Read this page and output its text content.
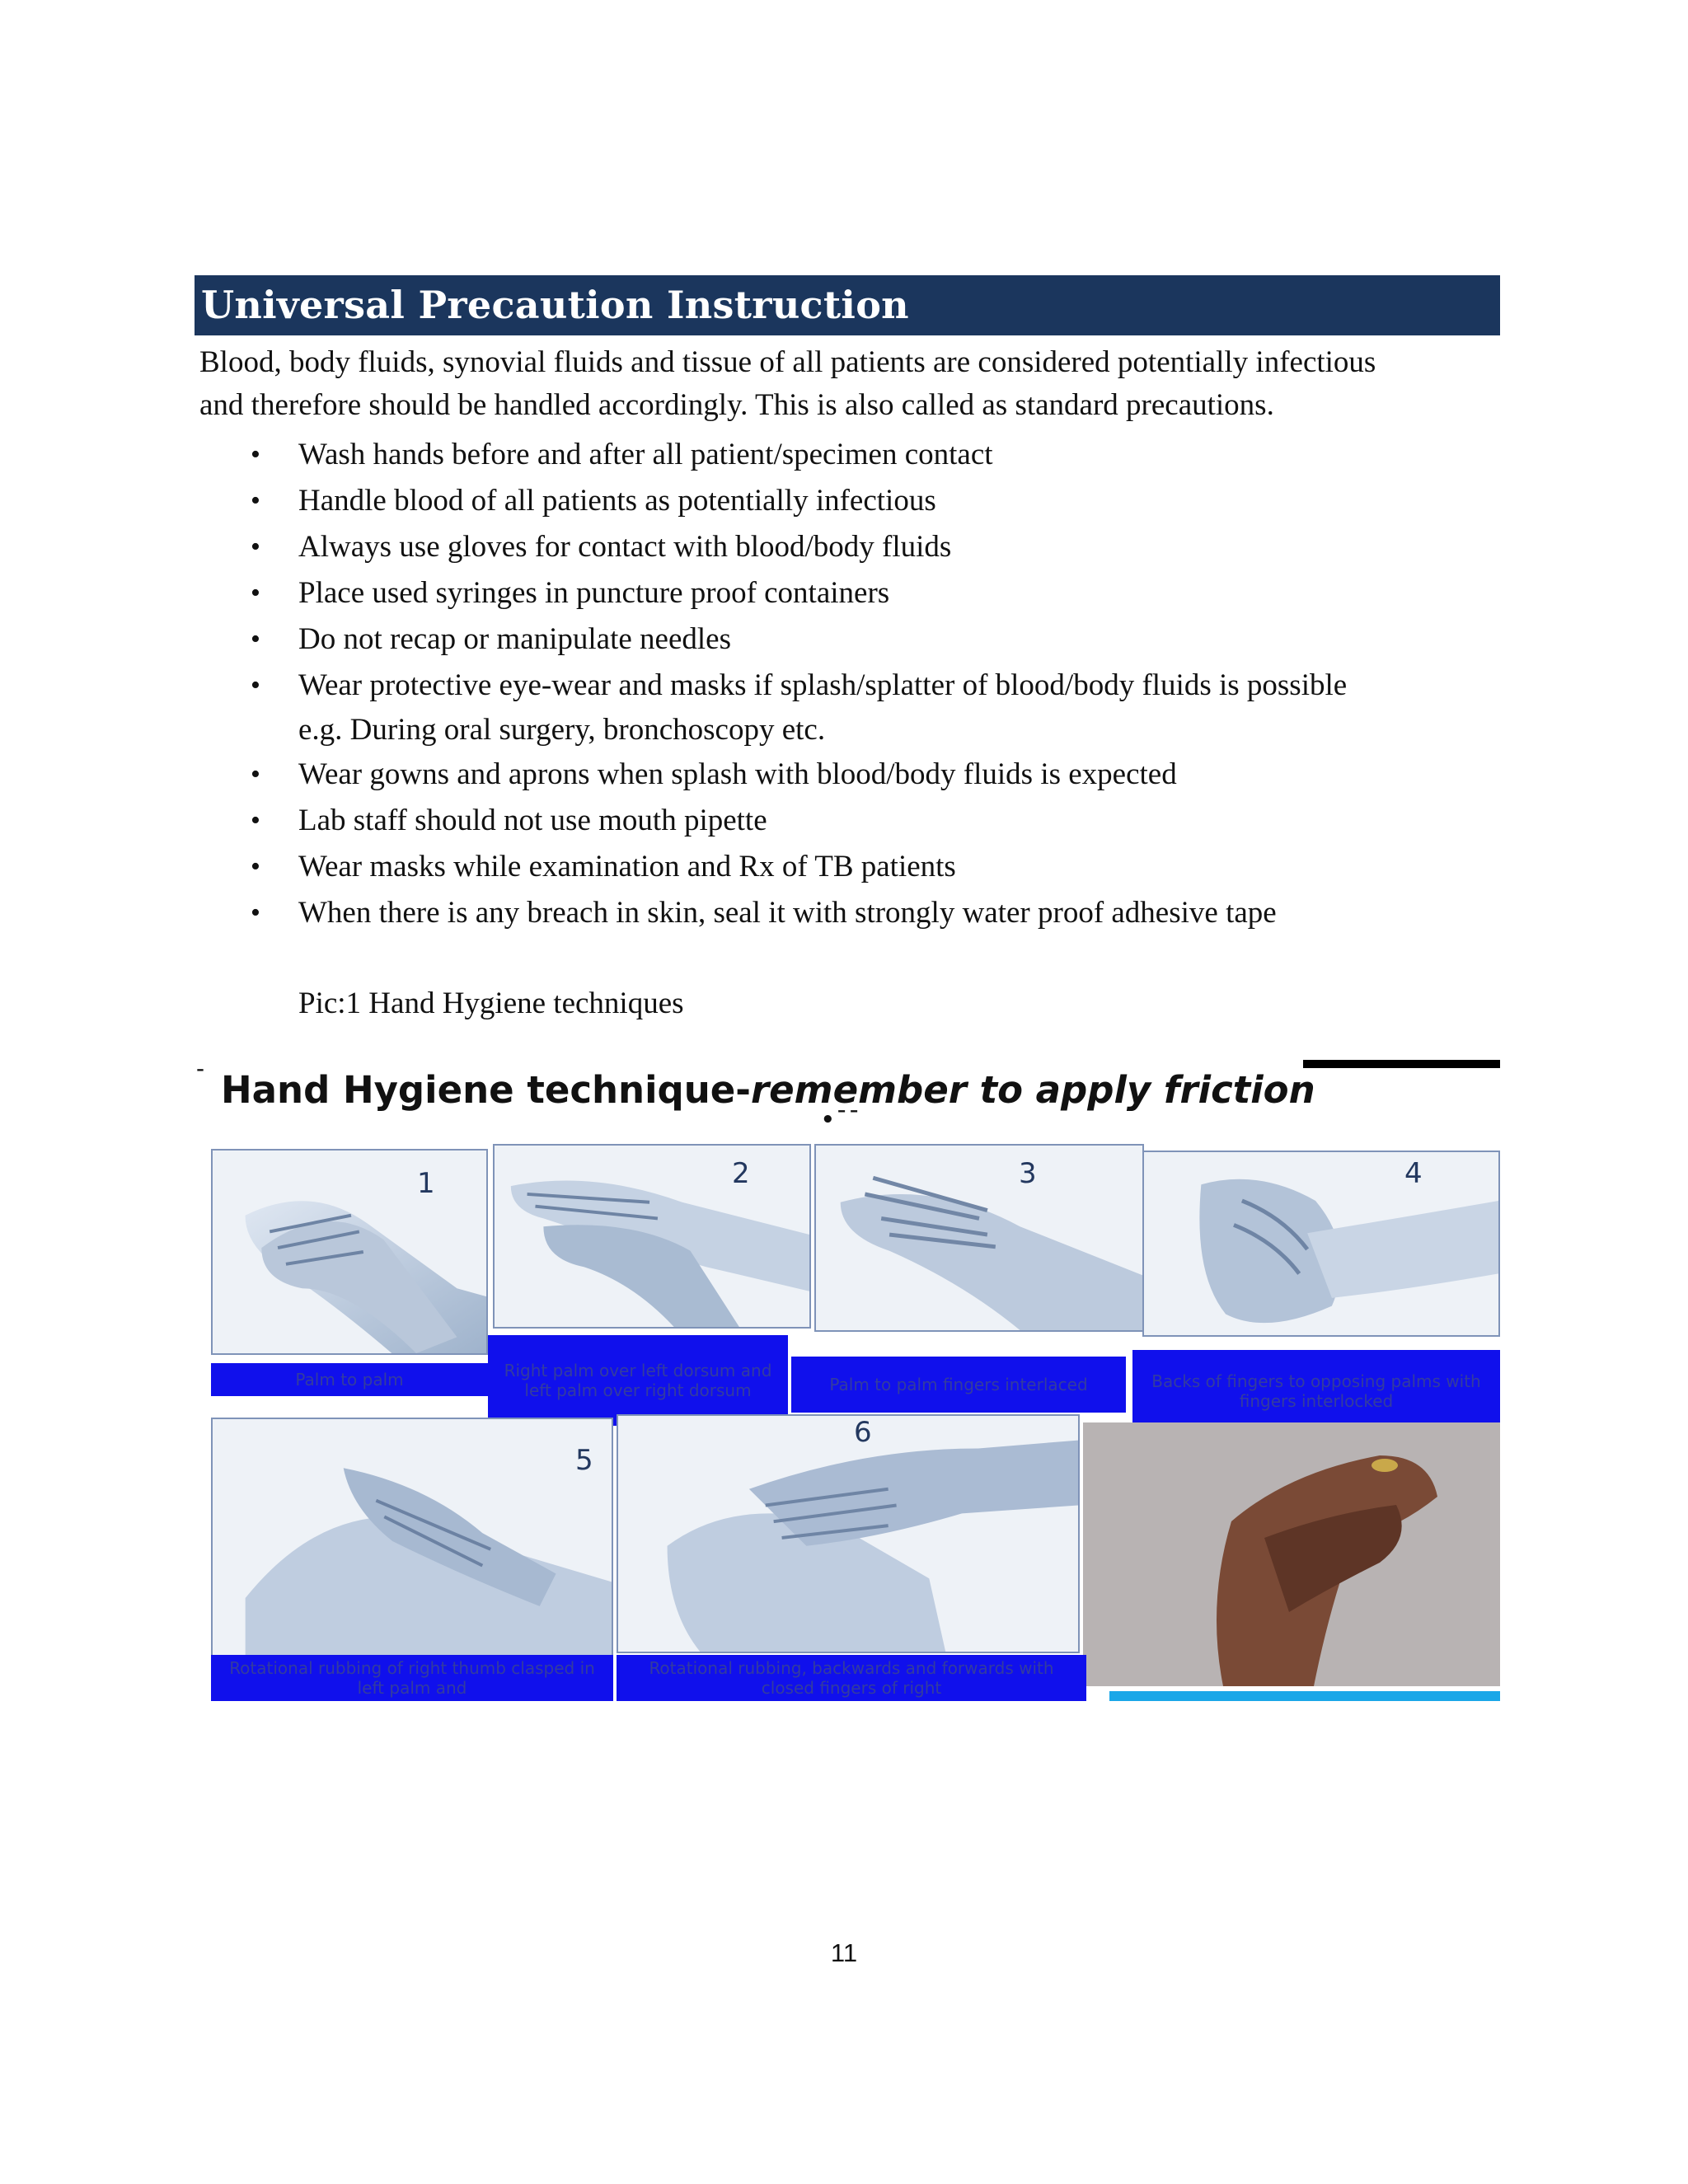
Universal Precaution Instruction
Blood, body fluids, synovial fluids and tissue of all patients are considered potentially infectious
and therefore should be handled accordingly. This is also called as standard precautions.
• Wash hands before and after all patient/specimen contact
• Handle blood of all patients as potentially infectious
• Always use gloves for contact with blood/body fluids
• Place used syringes in puncture proof containers
• Do not recap or manipulate needles
• Wear protective eye-wear and masks if splash/splatter of blood/body fluids is possible
e.g. During oral surgery, bronchoscopy etc.
• Wear gowns and aprons when splash with blood/body fluids is expected
• Lab staff should not use mouth pipette
• Wear masks while examination and Rx of TB patients
• When there is any breach in skin, seal it with strongly water proof adhesive tape
Pic:1 Hand Hygiene techniques
- Hand Hygiene technique-remember to apply friction
•¯¯
1	2	3	4
Palm to palm	Right palm over left dorsum and left palm over right dorsum	Palm to palm fingers interlaced	Backs of fingers to opposing palms with fingers interlocked
5
6
Rotational rubbing of right thumb clasped in left palm and
Rotational rubbing, backwards and forwards with closed fingers of right
11
